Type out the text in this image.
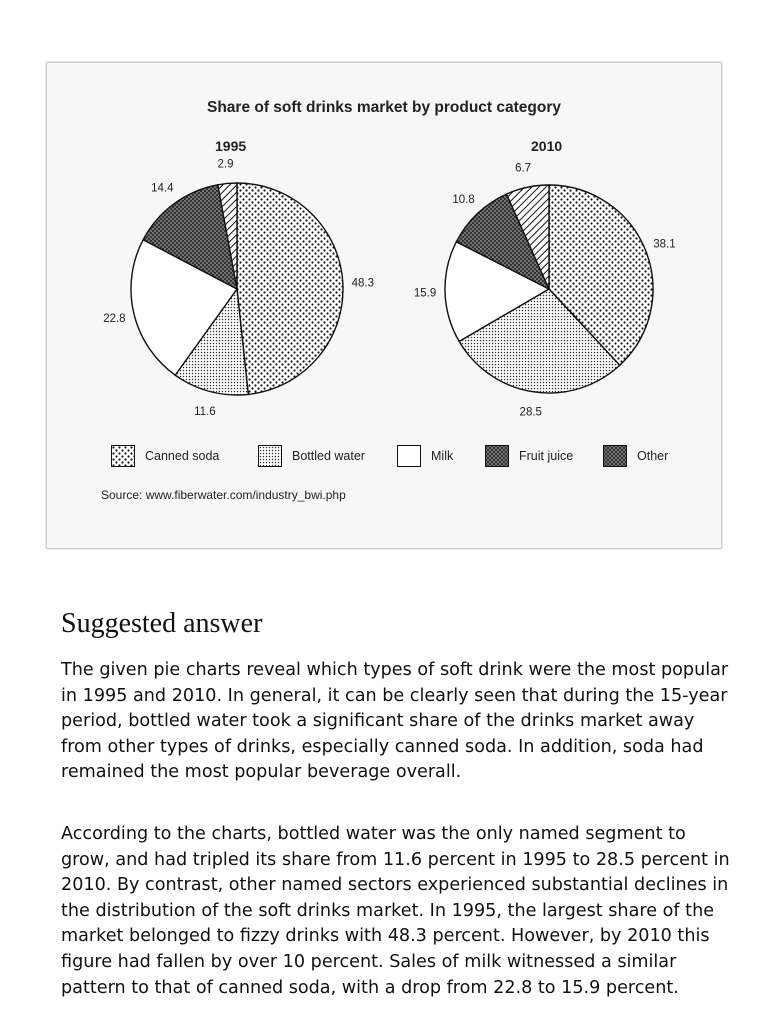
Share of soft drinks market by product category
1995	2010
48.3
11.6
22.8
14.4
2.9
38.1
28.5
15.9
10.8
6.7
Canned soda	Bottled water	Milk	Fruit juice	Other
Source: www.fiberwater.com/industry_bwi.php
Suggested answer

The given pie charts reveal which types of soft drink were the most popular in 1995 and 2010. In general, it can be clearly seen that during the 15-year period, bottled water took a significant share of the drinks market away from other types of drinks, especially canned soda. In addition, soda had remained the most popular beverage overall.

According to the charts, bottled water was the only named segment to grow, and had tripled its share from 11.6 percent in 1995 to 28.5 percent in 2010. By contrast, other named sectors experienced substantial declines in the distribution of the soft drinks market. In 1995, the largest share of the market belonged to fizzy drinks with 48.3 percent. However, by 2010 this figure had fallen by over 10 percent. Sales of milk witnessed a similar pattern to that of canned soda, with a drop from 22.8 to 15.9 percent.
